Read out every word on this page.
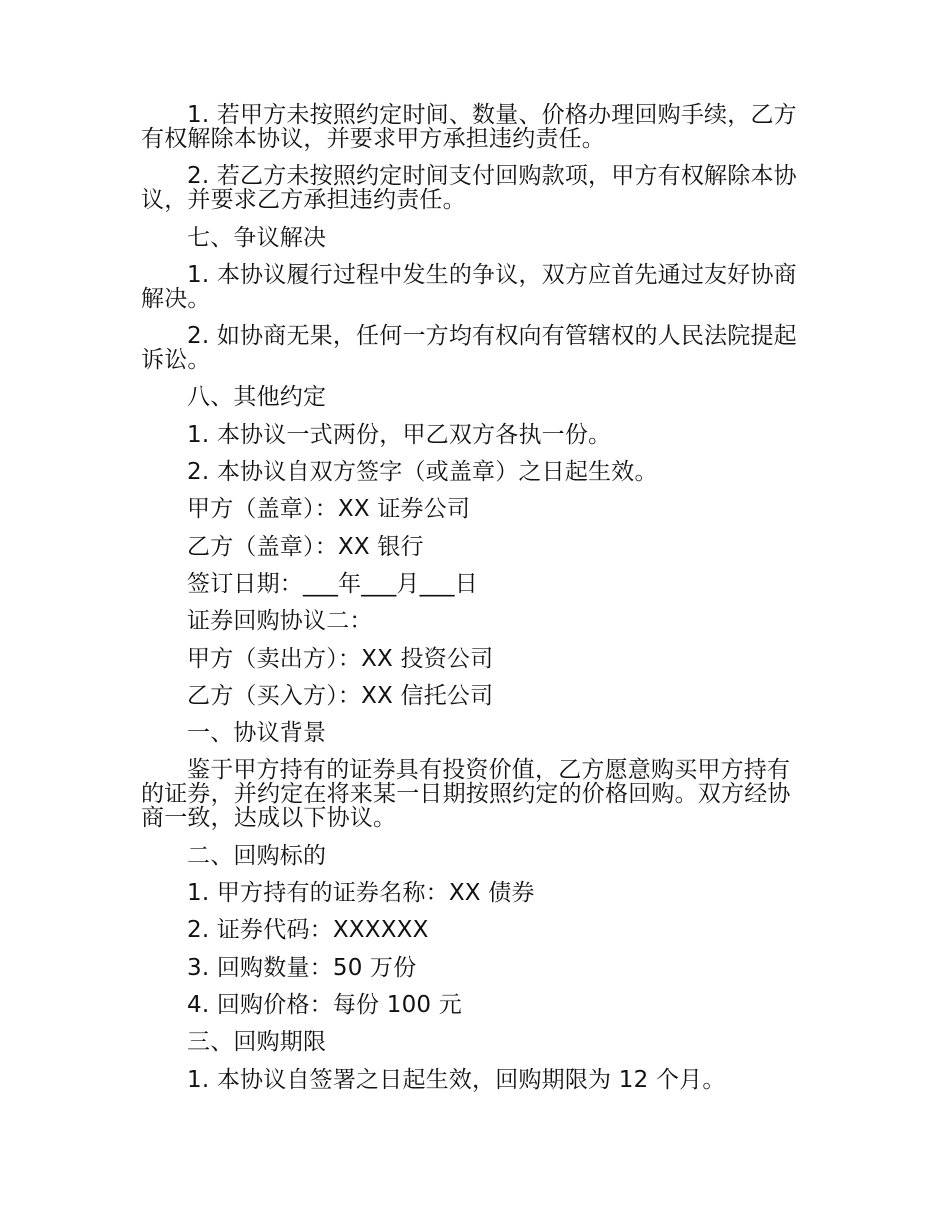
1. 若甲方未按照约定时间、数量、价格办理回购手续，乙方有权解除本协议，并要求甲方承担违约责任。

2. 若乙方未按照约定时间支付回购款项，甲方有权解除本协议，并要求乙方承担违约责任。

七、争议解决

1. 本协议履行过程中发生的争议，双方应首先通过友好协商解决。

2. 如协商无果，任何一方均有权向有管辖权的人民法院提起诉讼。

八、其他约定

1. 本协议一式两份，甲乙双方各执一份。

2. 本协议自双方签字（或盖章）之日起生效。

甲方（盖章）：XX 证券公司

乙方（盖章）：XX 银行

签订日期：___年___月___日

证券回购协议二：

甲方（卖出方）：XX 投资公司

乙方（买入方）：XX 信托公司

一、协议背景

鉴于甲方持有的证券具有投资价值，乙方愿意购买甲方持有的证券，并约定在将来某一日期按照约定的价格回购。双方经协商一致，达成以下协议。

二、回购标的

1. 甲方持有的证券名称：XX 债券

2. 证券代码：XXXXXX

3. 回购数量：50 万份

4. 回购价格：每份 100 元

三、回购期限

1. 本协议自签署之日起生效，回购期限为 12 个月。
